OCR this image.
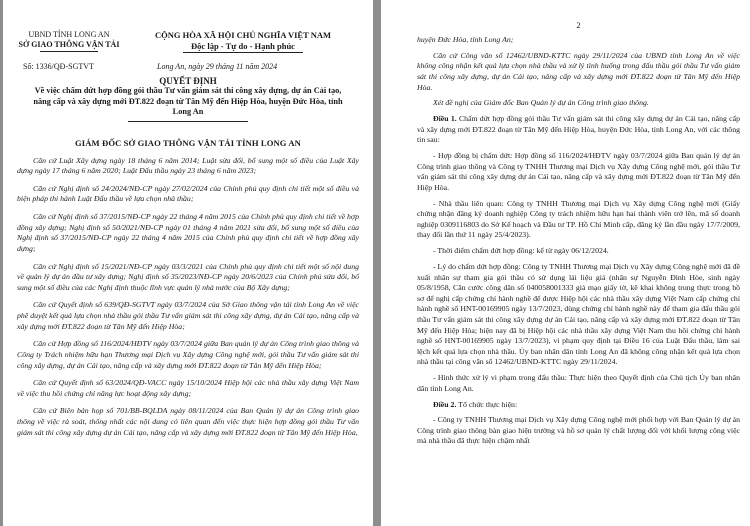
UBND TỈNH LONG AN
SỞ GIAO THÔNG VẬN TẢI
CỘNG HÒA XÃ HỘI CHỦ NGHĨA VIỆT NAM
Độc lập - Tự do - Hạnh phúc
Số: 1336/QĐ-SGTVT	Long An, ngày 29 tháng 11 năm 2024
QUYẾT ĐỊNH
Về việc chấm dứt hợp đồng gói thầu Tư vấn giám sát thi công xây dựng, dự án Cải tạo, nâng cấp và xây dựng mới ĐT.822 đoạn từ Tân Mỹ đến Hiệp Hòa, huyện Đức Hòa, tỉnh Long An
GIÁM ĐỐC SỞ GIAO THÔNG VẬN TẢI TỈNH LONG AN

Căn cứ Luật Xây dựng ngày 18 tháng 6 năm 2014; Luật sửa đổi, bổ sung một số điều của Luật Xây dựng ngày 17 tháng 6 năm 2020; Luật Đấu thầu ngày 23 tháng 6 năm 2023;

Căn cứ Nghị định số 24/2024/NĐ-CP ngày 27/02/2024 của Chính phủ quy định chi tiết một số điều và biện pháp thi hành Luật Đấu thầu về lựa chọn nhà thầu;

Căn cứ Nghị định số 37/2015/NĐ-CP ngày 22 tháng 4 năm 2015 của Chính phủ quy định chi tiết về hợp đồng xây dựng; Nghị định số 50/2021/NĐ-CP ngày 01 tháng 4 năm 2021 sửa đổi, bổ sung một số điều của Nghị định số 37/2015/NĐ-CP ngày 22 tháng 4 năm 2015 của Chính phủ quy định chi tiết về hợp đồng xây dựng;

Căn cứ Nghị định số 15/2021/NĐ-CP ngày 03/3/2021 của Chính phủ quy định chi tiết một số nội dung về quản lý dự án đầu tư xây dựng; Nghị định số 35/2023/NĐ-CP ngày 20/6/2023 của Chính phủ sửa đổi, bổ sung một số điều của các Nghị định thuộc lĩnh vực quản lý nhà nước của Bộ Xây dựng;

Căn cứ Quyết định số 639/QĐ-SGTVT ngày 03/7/2024 của Sở Giao thông vận tải tỉnh Long An về việc phê duyệt kết quả lựa chọn nhà thầu gói thầu Tư vấn giám sát thi công xây dựng, dự án Cải tạo, nâng cấp và xây dựng mới ĐT.822 đoạn từ Tân Mỹ đến Hiệp Hòa;

Căn cứ Hợp đồng số 116/2024/HĐTV ngày 03/7/2024 giữa Ban quản lý dự án Công trình giao thông và Công ty Trách nhiệm hữu hạn Thương mại Dịch vụ Xây dựng Công nghệ mới, gói thầu Tư vấn giám sát thi công xây dựng, dự án Cải tạo, nâng cấp và xây dựng mới ĐT.822 đoạn từ Tân Mỹ đến Hiệp Hòa;

Căn cứ Quyết định số 63/2024/QĐ-VACC ngày 15/10/2024 Hiệp hội các nhà thầu xây dựng Việt Nam về việc thu hồi chứng chỉ năng lực hoạt động xây dựng;

Căn cứ Biên bản họp số 701/BB-BQLDA ngày 08/11/2024 của Ban Quản lý dự án Công trình giao thông về việc rà soát, thống nhất các nội dung có liên quan đến việc thực hiện hợp đồng gói thầu Tư vấn giám sát thi công xây dựng dự án Cải tạo, nâng cấp và xây dựng mới ĐT.822 đoạn từ Tân Mỹ đến Hiệp Hòa,

2

huyện Đức Hòa, tỉnh Long An;

Căn cứ Công văn số 12462/UBND-KTTC ngày 29/11/2024 của UBND tỉnh Long An về việc không công nhận kết quả lựa chọn nhà thầu và xử lý tình huống trong đấu thầu gói thầu Tư vấn giám sát thi công xây dựng, dự án Cải tạo, nâng cấp và xây dựng mới ĐT.822 đoạn từ Tân Mỹ đến Hiệp Hòa.

Xét đề nghị của Giám đốc Ban Quản lý dự án Công trình giao thông.

Điều 1. Chấm dứt hợp đồng gói thầu Tư vấn giám sát thi công xây dựng dự án Cải tạo, nâng cấp và xây dựng mới ĐT.822 đoạn từ Tân Mỹ đến Hiệp Hòa, huyện Đức Hòa, tỉnh Long An, với các thông tin sau:

- Hợp đồng bị chấm dứt: Hợp đồng số 116/2024/HĐTV ngày 03/7/2024 giữa Ban quản lý dự án Công trình giao thông và Công ty TNHH Thương mại Dịch vụ Xây dựng Công nghệ mới, gói thầu Tư vấn giám sát thi công xây dựng dự án Cải tạo, nâng cấp và xây dựng mới ĐT.822 đoạn từ Tân Mỹ đến Hiệp Hòa.

- Nhà thầu liên quan: Công ty TNHH Thương mại Dịch vụ Xây dựng Công nghệ mới (Giấy chứng nhận đăng ký doanh nghiệp Công ty trách nhiệm hữu hạn hai thành viên trở lên, mã số doanh nghiệp 0309116803 do Sở Kế hoạch và Đầu tư TP. Hồ Chí Minh cấp, đăng ký lần đầu ngày 17/7/2009, thay đổi lần thứ 11 ngày 25/4/2023).

- Thời điểm chấm dứt hợp đồng: kể từ ngày 06/12/2024.

- Lý do chấm dứt hợp đồng: Công ty TNHH Thương mại Dịch vụ Xây dựng Công nghệ mới đã đề xuất nhân sự tham gia gói thầu có sử dụng lái liệu giả (nhân sự Nguyễn Đình Hòe, sinh ngày 05/8/1958, Căn cước công dân số 040058001333 giả mạo giấy tờ, kê khai không trung thực trong hồ sơ để nghị cấp chứng chỉ hành nghề để được Hiệp hội các nhà thầu xây dựng Việt Nam cấp chứng chỉ hành nghề số HNT-00169905 ngày 13/7/2023, dùng chứng chỉ hành nghề này để tham gia đấu thầu gói thầu Tư vấn giám sát thi công xây dựng dự án Cải tạo, nâng cấp và xây dựng mới ĐT.822 đoạn từ Tân Mỹ đến Hiệp Hòa; hiện nay đã bị Hiệp hội các nhà thầu xây dựng Việt Nam thu hồi chứng chỉ hành nghề số HNT-00169905 ngày 13/7/2023), vi phạm quy định tại Điều 16 của Luật Đấu thầu, làm sai lệch kết quả lựa chọn nhà thầu. Ủy ban nhân dân tỉnh Long An đã không công nhận kết quả lựa chọn nhà thầu tại công văn số 12462/UBND-KTTC ngày 29/11/2024.

- Hình thức xử lý vi phạm trong đấu thầu: Thực hiện theo Quyết định của Chủ tịch Ủy ban nhân dân tỉnh Long An.

Điều 2. Tổ chức thực hiện:

- Công ty TNHH Thương mại Dịch vụ Xây dựng Công nghệ mới phối hợp với Ban Quản lý dự án Công trình giao thông bàn giao hiện trường và hồ sơ quản lý chất lượng đối với khối lượng công việc mà nhà thầu đã thực hiện chậm nhất
